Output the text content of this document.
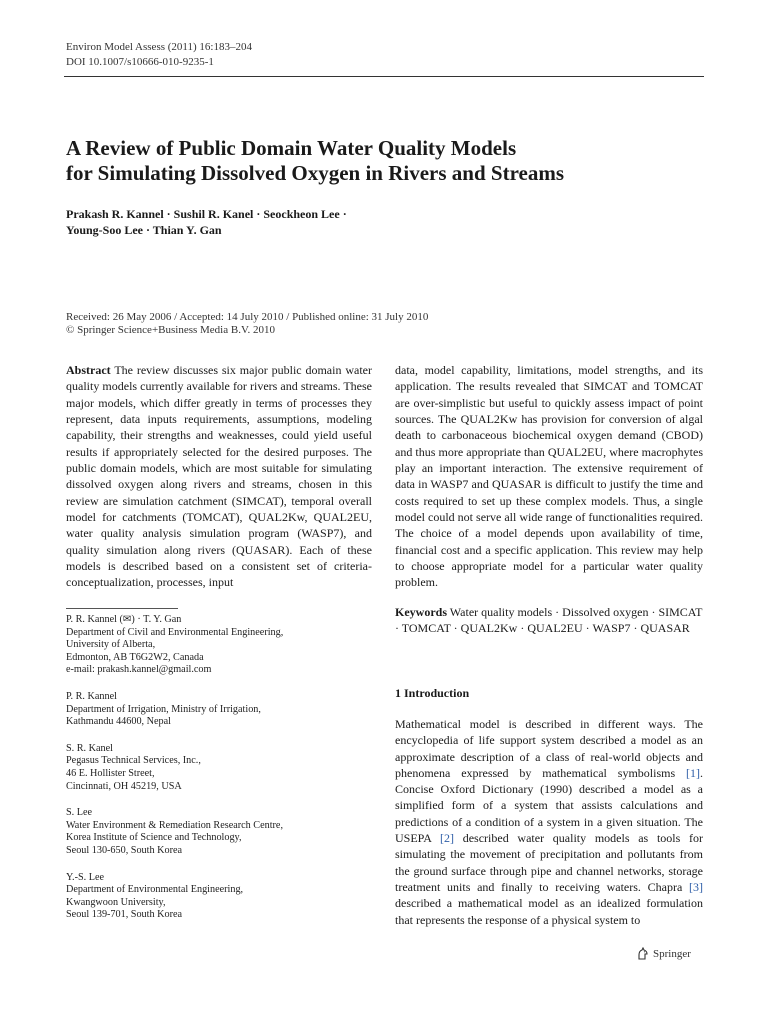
Environ Model Assess (2011) 16:183–204
DOI 10.1007/s10666-010-9235-1
A Review of Public Domain Water Quality Models
for Simulating Dissolved Oxygen in Rivers and Streams
Prakash R. Kannel · Sushil R. Kanel · Seockheon Lee ·
Young-Soo Lee · Thian Y. Gan
Received: 26 May 2006 / Accepted: 14 July 2010 / Published online: 31 July 2010
© Springer Science+Business Media B.V. 2010
Abstract The review discusses six major public domain water quality models currently available for rivers and streams. These major models, which differ greatly in terms of processes they represent, data inputs requirements, assumptions, modeling capability, their strengths and weaknesses, could yield useful results if appropriately selected for the desired purposes. The public domain models, which are most suitable for simulating dissolved oxygen along rivers and streams, chosen in this review are simulation catchment (SIMCAT), temporal overall model for catchments (TOMCAT), QUAL2Kw, QUAL2EU, water quality analysis simulation program (WASP7), and quality simulation along rivers (QUASAR). Each of these models is described based on a consistent set of criteria-conceptualization, processes, input
data, model capability, limitations, model strengths, and its application. The results revealed that SIMCAT and TOMCAT are over-simplistic but useful to quickly assess impact of point sources. The QUAL2Kw has provision for conversion of algal death to carbonaceous biochemical oxygen demand (CBOD) and thus more appropriate than QUAL2EU, where macrophytes play an important interaction. The extensive requirement of data in WASP7 and QUASAR is difficult to justify the time and costs required to set up these complex models. Thus, a single model could not serve all wide range of functionalities required. The choice of a model depends upon availability of time, financial cost and a specific application. This review may help to choose appropriate model for a particular water quality problem.
Keywords Water quality models · Dissolved oxygen · SIMCAT · TOMCAT · QUAL2Kw · QUAL2EU · WASP7 · QUASAR
P. R. Kannel (✉) · T. Y. Gan
Department of Civil and Environmental Engineering,
University of Alberta,
Edmonton, AB T6G2W2, Canada
e-mail: prakash.kannel@gmail.com
P. R. Kannel
Department of Irrigation, Ministry of Irrigation,
Kathmandu 44600, Nepal
S. R. Kanel
Pegasus Technical Services, Inc.,
46 E. Hollister Street,
Cincinnati, OH 45219, USA
S. Lee
Water Environment & Remediation Research Centre,
Korea Institute of Science and Technology,
Seoul 130-650, South Korea
Y.-S. Lee
Department of Environmental Engineering,
Kwangwoon University,
Seoul 139-701, South Korea
1 Introduction
Mathematical model is described in different ways. The encyclopedia of life support system described a model as an approximate description of a class of real-world objects and phenomena expressed by mathematical symbolisms [1]. Concise Oxford Dictionary (1990) described a model as a simplified form of a system that assists calculations and predictions of a condition of a system in a given situation. The USEPA [2] described water quality models as tools for simulating the movement of precipitation and pollutants from the ground surface through pipe and channel networks, storage treatment units and finally to receiving waters. Chapra [3] described a mathematical model as an idealized formulation that represents the response of a physical system to
Springer
